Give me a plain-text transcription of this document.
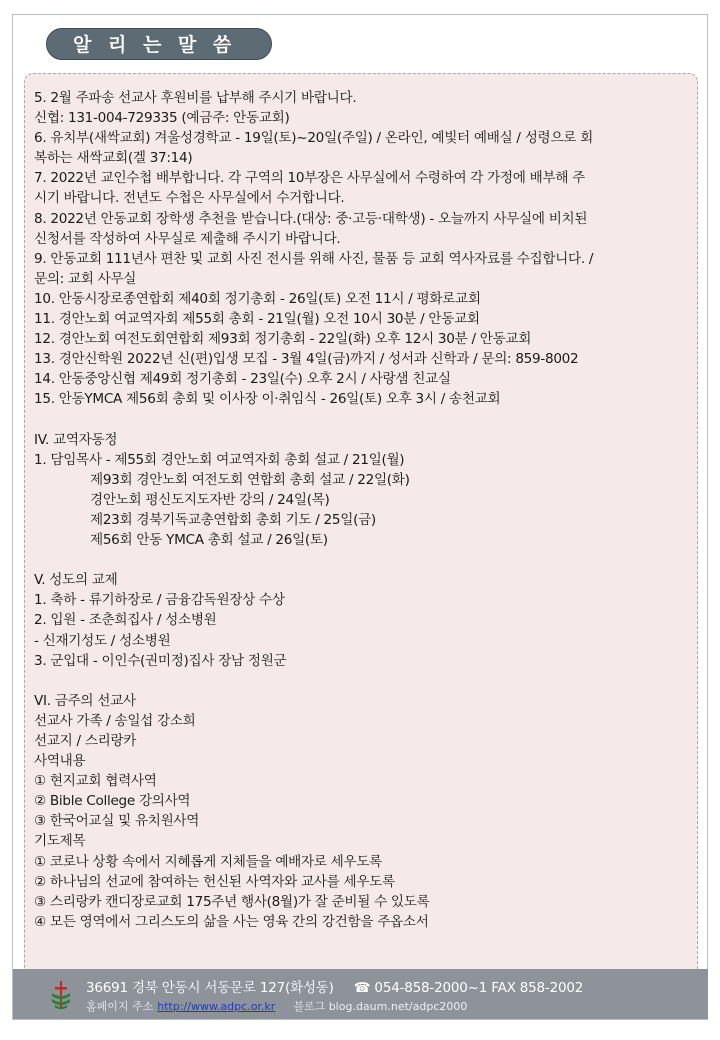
알 리 는 말 씀
5. 2월 주파송 선교사 후원비를 납부해 주시기 바랍니다.
신협: 131-004-729335 (예금주: 안동교회)
6. 유치부(새싹교회) 겨울성경학교 - 19일(토)~20일(주일) / 온라인, 예빛터 예배실 / 성령으로 회
복하는 새싹교회(겔 37:14)
7. 2022년 교인수첩 배부합니다. 각 구역의 10부장은 사무실에서 수령하여 각 가정에 배부해 주
시기 바랍니다. 전년도 수첩은 사무실에서 수거합니다.
8. 2022년 안동교회 장학생 추천을 받습니다.(대상: 중·고등·대학생) - 오늘까지 사무실에 비치된
신청서를 작성하여 사무실로 제출해 주시기 바랍니다.
9. 안동교회 111년사 편찬 및 교회 사진 전시를 위해 사진, 물품 등 교회 역사자료를 수집합니다. /
문의: 교회 사무실
10. 안동시장로종연합회 제40회 정기총회 - 26일(토) 오전 11시 / 평화로교회
11. 경안노회 여교역자회 제55회 총회 - 21일(월) 오전 10시 30분 / 안동교회
12. 경안노회 여전도회연합회 제93회 정기총회 - 22일(화) 오후 12시 30분 / 안동교회
13. 경안신학원 2022년 신(편)입생 모집 - 3월 4일(금)까지 / 성서과 신학과 / 문의: 859-8002
14. 안동중앙신협 제49회 정기총회 - 23일(수) 오후 2시 / 사랑샘 친교실
15. 안동YMCA 제56회 총회 및 이사장 이·취임식 - 26일(토) 오후 3시 / 송천교회
IV. 교역자동정
1. 담임목사 - 제55회 경안노회 여교역자회 총회 설교 / 21일(월)
제93회 경안노회 여전도회 연합회 총회 설교 / 22일(화)
경안노회 평신도지도자반 강의 / 24일(목)
제23회 경북기독교총연합회 총회 기도 / 25일(금)
제56회 안동 YMCA 총회 설교 / 26일(토)
V. 성도의 교제
1. 축하 - 류기하장로 / 금융감독원장상 수상
2. 입원 - 조춘희집사 / 성소병원
- 신재기성도 / 성소병원
3. 군입대 - 이인수(권미정)집사 장남 정원군
VI. 금주의 선교사
선교사 가족 / 송일섭 강소희
선교지 / 스리랑카
사역내용
① 현지교회 협력사역
② Bible College 강의사역
③ 한국어교실 및 유치원사역
기도제목
① 코로나 상황 속에서 지혜롭게 지체들을 예배자로 세우도록
② 하나님의 선교에 참여하는 헌신된 사역자와 교사를 세우도록
③ 스리랑카 캔디장로교회 175주년 행사(8월)가 잘 준비될 수 있도록
④ 모든 영역에서 그리스도의 삶을 사는 영육 간의 강건함을 주옵소서
36691 경북 안동시 서동문로 127(화성동) ☎ 054-858-2000~1 FAX 858-2002
홈페이지 주소 http://www.adpc.or.kr 블로그 blog.daum.net/adpc2000
